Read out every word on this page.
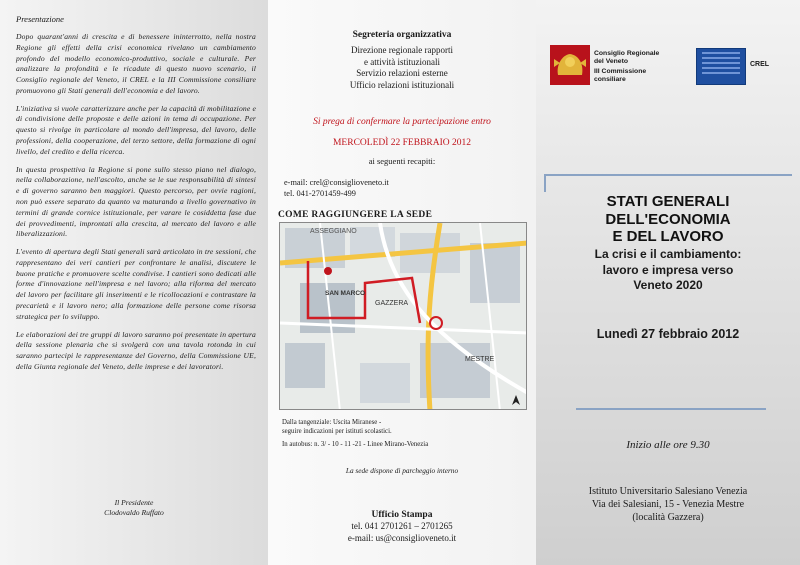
Presentazione

Dopo quarant'anni di crescita e di benessere ininterrotto, nella nostra Regione gli effetti della crisi economica rivelano un cambiamento profondo del modello economico-produttivo, sociale e culturale. Per analizzare la profondità e le ricadute di questo nuovo scenario, il Consiglio regionale del Veneto, il CREL e la III Commissione consiliare promuovono gli Stati generali dell'economia e del lavoro.

L'iniziativa si vuole caratterizzare anche per la capacità di mobilitazione e di condivisione delle proposte e delle azioni in tema di occupazione. Per questo si rivolge in particolare al mondo dell'impresa, del lavoro, delle professioni, della cooperazione, del terzo settore, della formazione di ogni livello, del credito e della ricerca.

In questa prospettiva la Regione si pone sullo stesso piano nel dialogo, nella collaborazione, nell'ascolto, anche se le sue responsabilità di sintesi e di governo saranno ben maggiori. Questo percorso, per ovvie ragioni, non può essere separato da quanto va maturando a livello governativo in termini di grande cornice istituzionale, per varare le cosiddetta fase due dei provvedimenti, improntati alla crescita, al mercato del lavoro e alle liberalizzazioni.

L'evento di apertura degli Stati generali sarà articolato in tre sessioni, che rappresentano dei veri cantieri per confrontare le analisi, discutere le buone pratiche e promuovere scelte condivise. I cantieri sono dedicati alle forme d'innovazione nell'impresa e nel lavoro; alla riforma del mercato del lavoro per facilitare gli inserimenti e le ricollocazioni e contrastare la precarietà e il lavoro nero; alla formazione delle persone come risorsa strategica per lo sviluppo.

Le elaborazioni dei tre gruppi di lavoro saranno poi presentate in apertura della sessione plenaria che si svolgerà con una tavola rotonda in cui saranno partecipi le rappresentanze del Governo, della Commissione UE, della Giunta regionale del Veneto, delle imprese e dei lavoratori.

Il Presidente
Clodovaldo Ruffato
Segreteria organizzativa
Direzione regionale rapporti
e attività istituzionali
Servizio relazioni esterne
Ufficio relazioni istituzionali
Si prega di confermare la partecipazione entro
MERCOLEDÌ 22 FEBBRAIO 2012
ai seguenti recapiti:
e-mail: crel@consiglioveneto.it
tel. 041-2701459-499
COME RAGGIUNGERE LA SEDE
ASSEGGIANO
SAN MARCO
GAZZERA
MESTRE
Dalla tangenziale: Uscita Miranese -
seguire indicazioni per istituti scolastici.
In autobus: n. 3/ - 10 - 11 -21 - Linee Mirano-Venezia
La sede dispone di parcheggio interno
Ufficio Stampa
tel. 041 2701261 – 2701265
e-mail: us@consiglioveneto.it
Consiglio Regionale
del Veneto
III Commissione
consiliare
CREL
STATI GENERALI
DELL'ECONOMIA
E DEL LAVORO
La crisi e il cambiamento:
lavoro e impresa verso
Veneto 2020
Lunedì 27 febbraio 2012
Inizio alle ore 9.30
Istituto Universitario Salesiano Venezia
Via dei Salesiani, 15 - Venezia Mestre
(località Gazzera)
